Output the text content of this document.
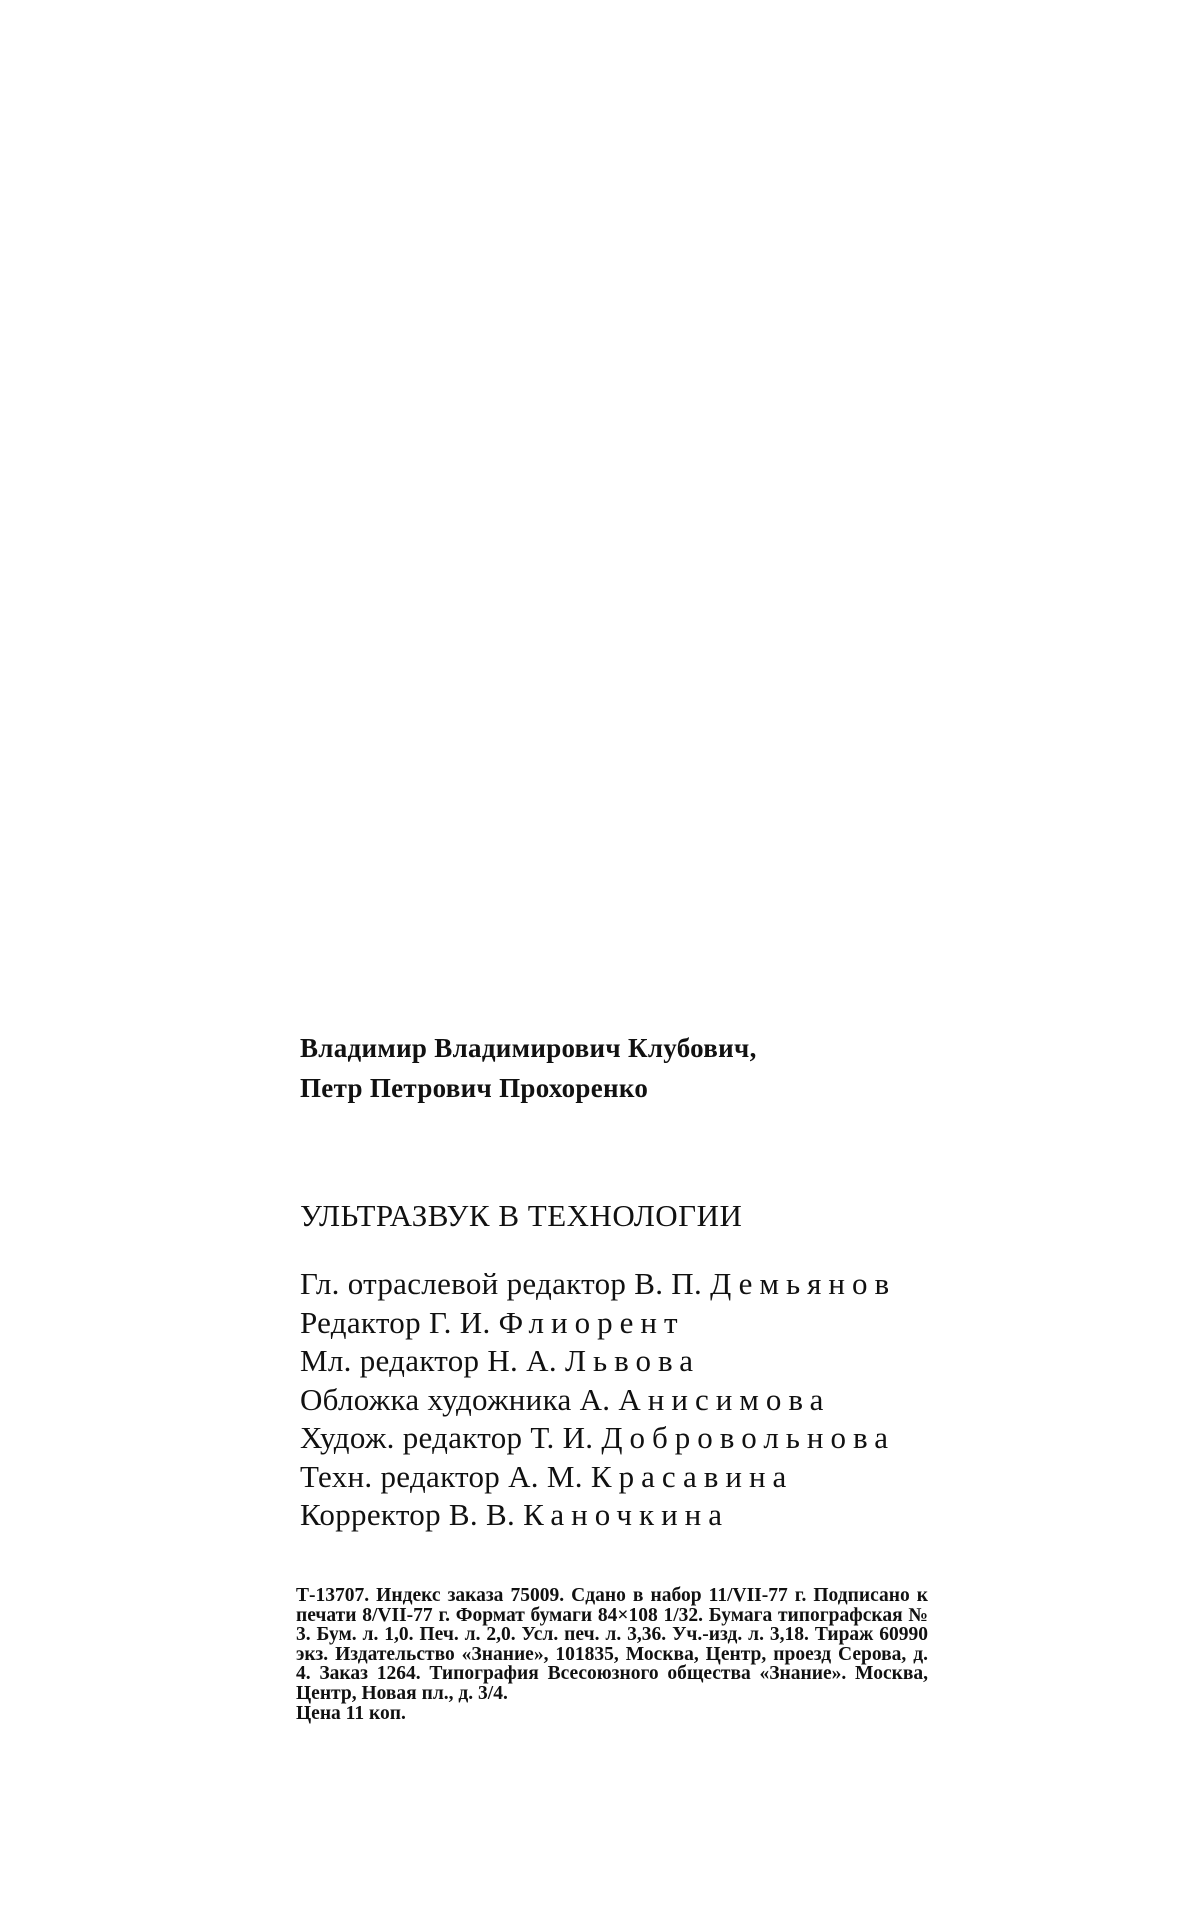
Владимир Владимирович Клубович,
Петр Петрович Прохоренко
УЛЬТРАЗВУК В ТЕХНОЛОГИИ
Гл. отраслевой редактор В. П. Демьянов
Редактор Г. И. Флиорент
Мл. редактор Н. А. Львова
Обложка художника А. Анисимова
Худож. редактор Т. И. Добровольнова
Техн. редактор А. М. Красавина
Корректор В. В. Каночкина
Т-13707. Индекс заказа 75009. Сдано в набор 11/VII-77 г. Подписано к печати 8/VII-77 г. Формат бумаги 84×108 1/32. Бумага типографская № 3. Бум. л. 1,0. Печ. л. 2,0. Усл. печ. л. 3,36. Уч.-изд. л. 3,18. Тираж 60990 экз. Издательство «Знание», 101835, Москва, Центр, проезд Серова, д. 4. Заказ 1264. Типография Всесоюзного общества «Знание». Москва, Центр, Новая пл., д. 3/4.
Цена 11 коп.
